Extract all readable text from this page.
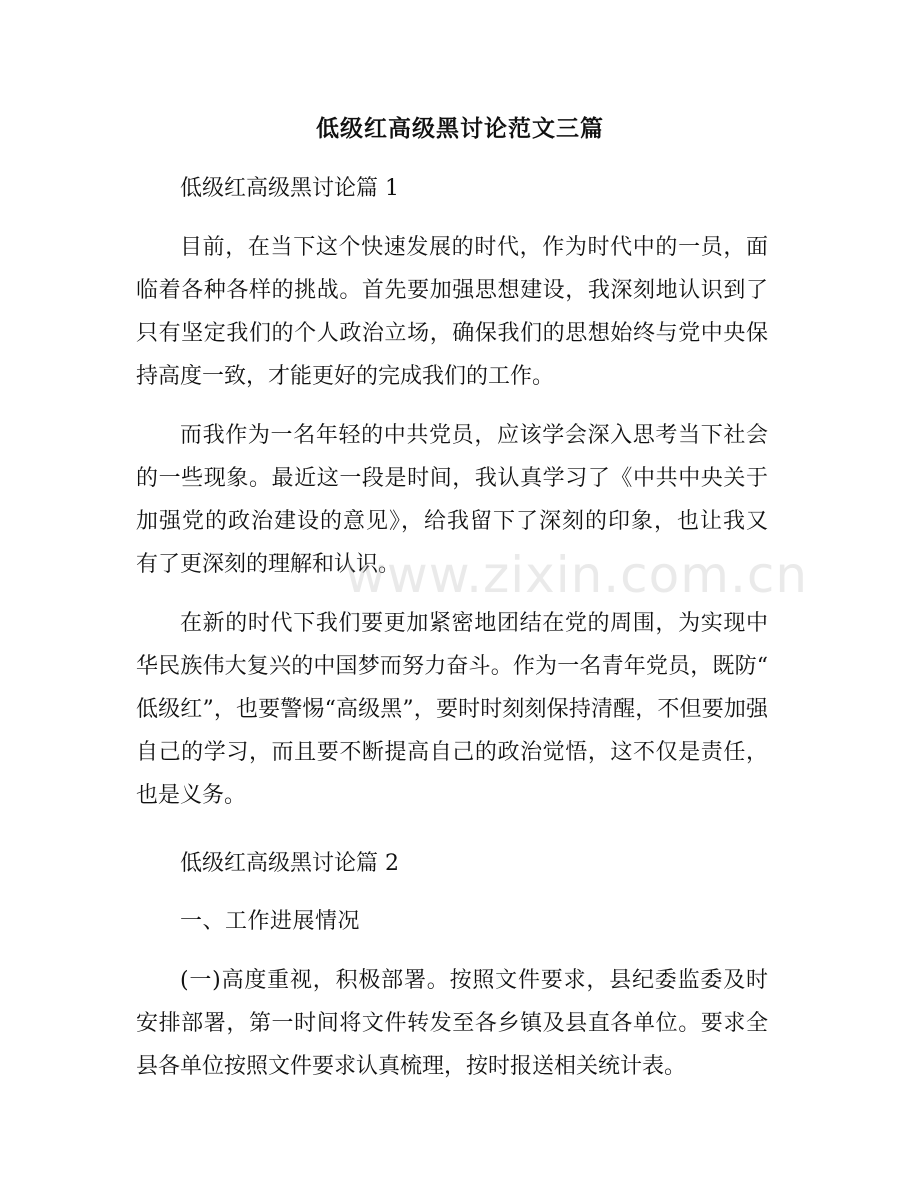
低级红高级黑讨论范文三篇

低级红高级黑讨论篇 1

目前，在当下这个快速发展的时代，作为时代中的一员，面

临着各种各样的挑战。首先要加强思想建设，我深刻地认识到了

只有坚定我们的个人政治立场，确保我们的思想始终与党中央保

持高度一致，才能更好的完成我们的工作。

而我作为一名年轻的中共党员，应该学会深入思考当下社会

的一些现象。最近这一段是时间，我认真学习了《中共中央关于

加强党的政治建设的意见》，给我留下了深刻的印象，也让我又

有了更深刻的理解和认识。

在新的时代下我们要更加紧密地团结在党的周围，为实现中

华民族伟大复兴的中国梦而努力奋斗。作为一名青年党员，既防“

低级红”，也要警惕“高级黑”，要时时刻刻保持清醒，不但要加强

自己的学习，而且要不断提高自己的政治觉悟，这不仅是责任，

也是义务。

低级红高级黑讨论篇 2

一、工作进展情况

(一)高度重视，积极部署。按照文件要求，县纪委监委及时

安排部署，第一时间将文件转发至各乡镇及县直各单位。要求全

县各单位按照文件要求认真梳理，按时报送相关统计表。

www.zixin.com.cn
